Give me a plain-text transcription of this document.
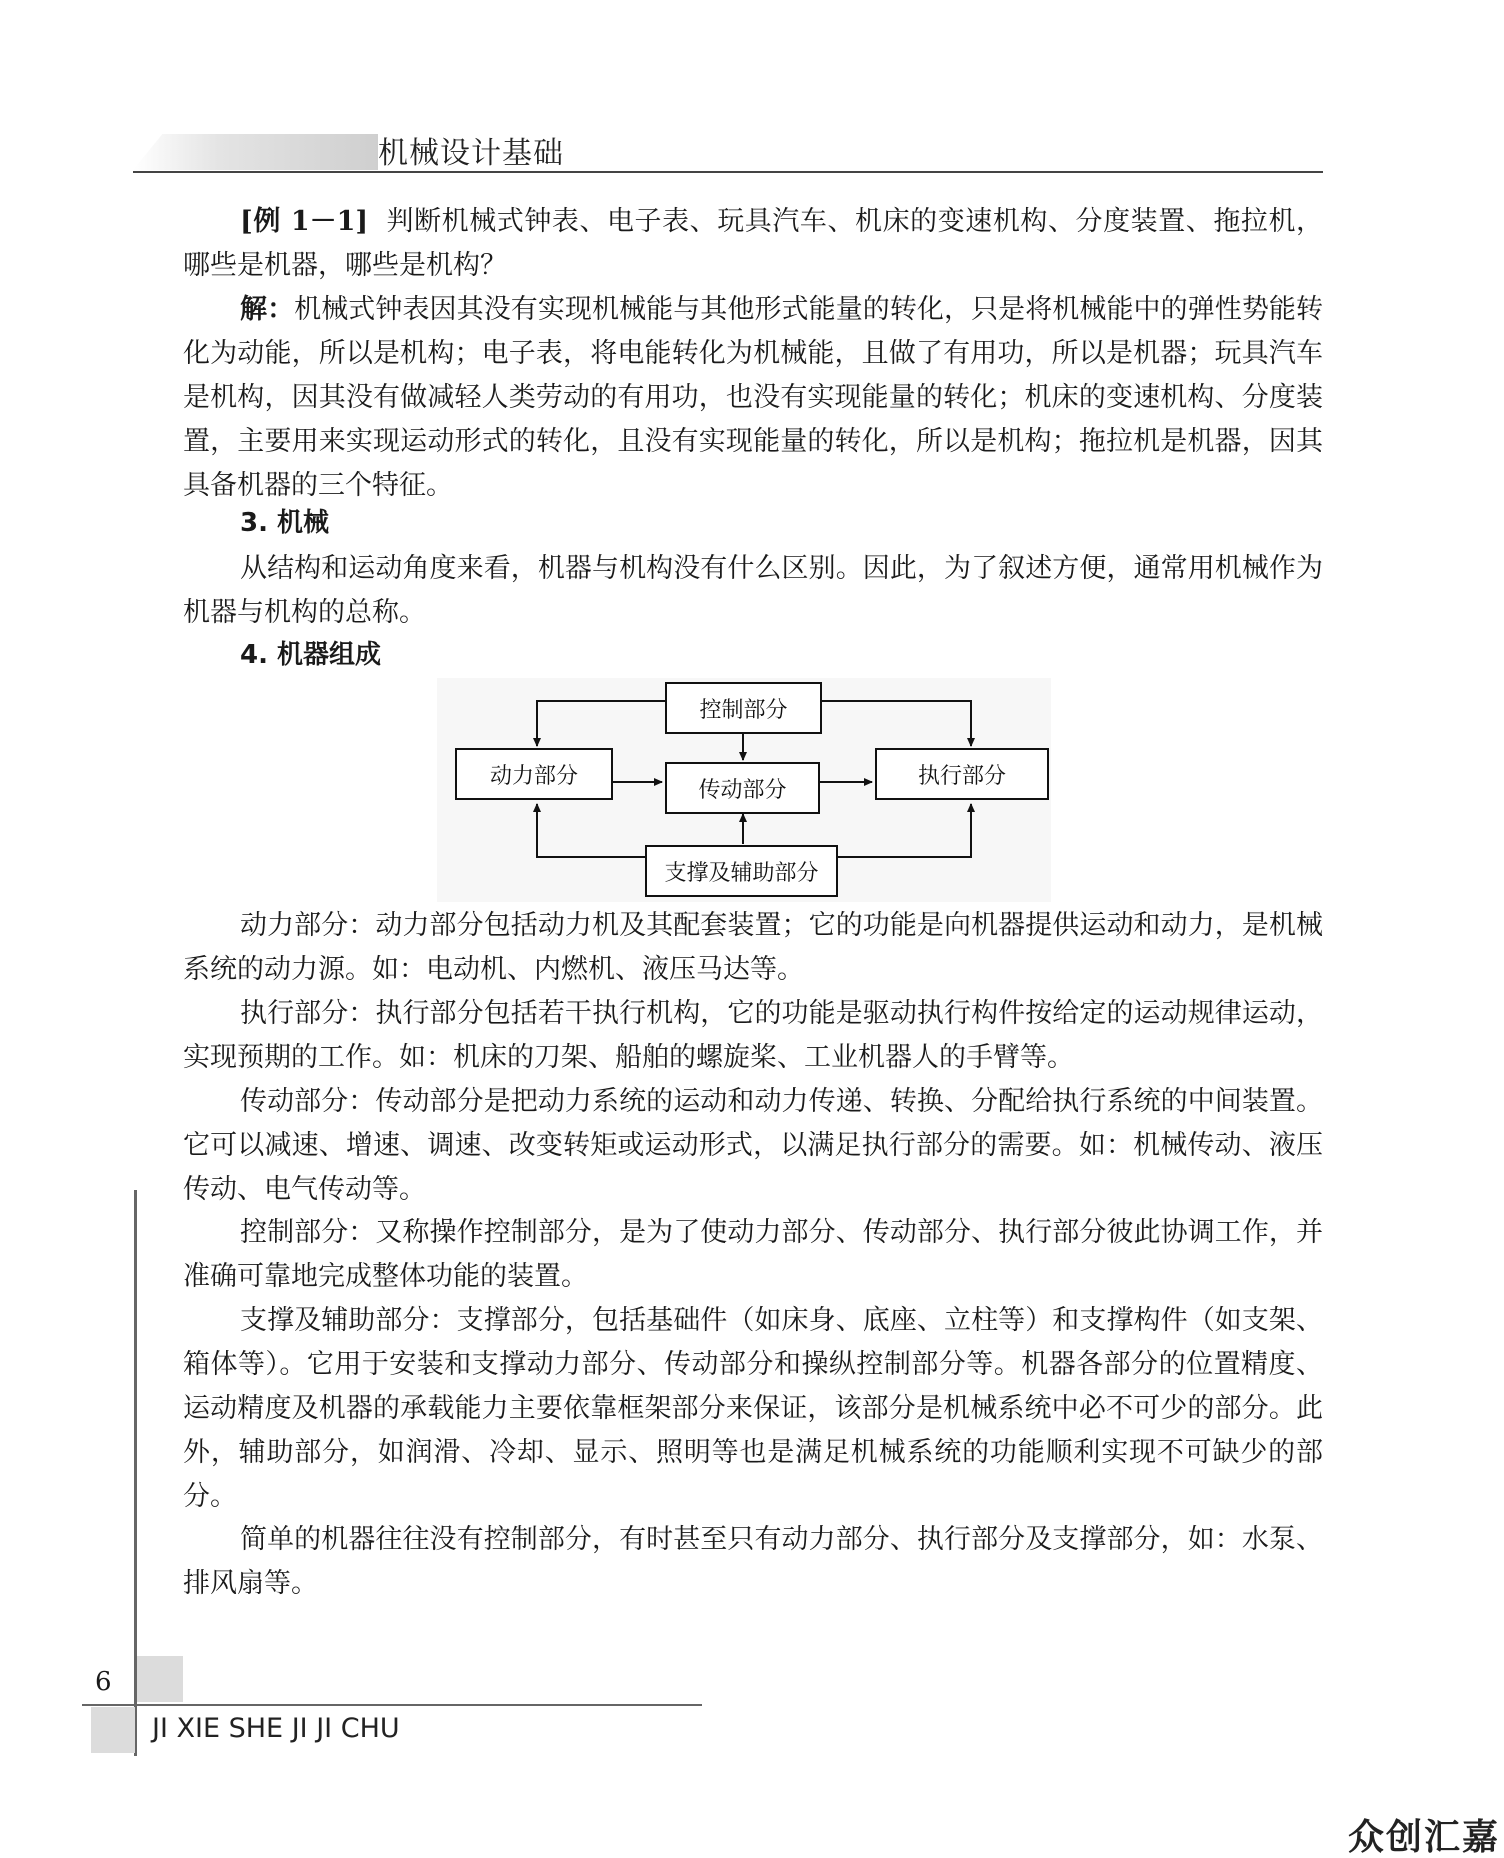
机械设计基础

[例 1－1] 判断机械式钟表、电子表、玩具汽车、机床的变速机构、分度装置、拖拉机，哪些是机器，哪些是机构？

解：机械式钟表因其没有实现机械能与其他形式能量的转化，只是将机械能中的弹性势能转化为动能，所以是机构；电子表，将电能转化为机械能，且做了有用功，所以是机器；玩具汽车是机构，因其没有做减轻人类劳动的有用功，也没有实现能量的转化；机床的变速机构、分度装置，主要用来实现运动形式的转化，且没有实现能量的转化，所以是机构；拖拉机是机器，因其具备机器的三个特征。

3. 机械

从结构和运动角度来看，机器与机构没有什么区别。因此，为了叙述方便，通常用机械作为机器与机构的总称。

4. 机器组成
控制部分
动力部分
传动部分
执行部分
支撑及辅助部分

动力部分：动力部分包括动力机及其配套装置；它的功能是向机器提供运动和动力，是机械系统的动力源。如：电动机、内燃机、液压马达等。

执行部分：执行部分包括若干执行机构，它的功能是驱动执行构件按给定的运动规律运动，实现预期的工作。如：机床的刀架、船舶的螺旋桨、工业机器人的手臂等。

传动部分：传动部分是把动力系统的运动和动力传递、转换、分配给执行系统的中间装置。它可以减速、增速、调速、改变转矩或运动形式，以满足执行部分的需要。如：机械传动、液压传动、电气传动等。

控制部分：又称操作控制部分，是为了使动力部分、传动部分、执行部分彼此协调工作，并准确可靠地完成整体功能的装置。

支撑及辅助部分：支撑部分，包括基础件（如床身、底座、立柱等）和支撑构件（如支架、箱体等）。它用于安装和支撑动力部分、传动部分和操纵控制部分等。机器各部分的位置精度、运动精度及机器的承载能力主要依靠框架部分来保证，该部分是机械系统中必不可少的部分。此外，辅助部分，如润滑、冷却、显示、照明等也是满足机械系统的功能顺利实现不可缺少的部分。

简单的机器往往没有控制部分，有时甚至只有动力部分、执行部分及支撑部分，如：水泵、排风扇等。

6
JI XIE SHE JI JI CHU
众创汇嘉
